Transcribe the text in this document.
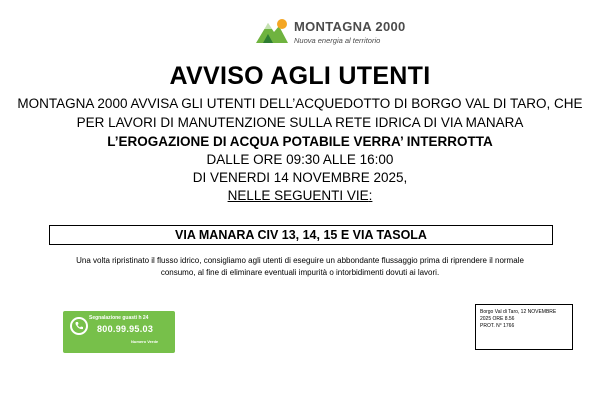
MONTAGNA 2000
Nuova energia al territorio
AVVISO AGLI UTENTI
MONTAGNA 2000 AVVISA GLI UTENTI DELL’ACQUEDOTTO DI BORGO VAL DI TARO, CHE
PER LAVORI DI MANUTENZIONE SULLA RETE IDRICA DI VIA MANARA
L’EROGAZIONE DI ACQUA POTABILE VERRA’ INTERROTTA
DALLE ORE 09:30 ALLE 16:00
DI VENERDI 14 NOVEMBRE 2025,
NELLE SEGUENTI VIE:
VIA MANARA CIV 13, 14, 15 E VIA TASOLA
Una volta ripristinato il flusso idrico, consigliamo agli utenti di eseguire un abbondante flussaggio prima di riprendere il normale
consumo, al fine di eliminare eventuali impurità o intorbidimenti dovuti ai lavori.
Segnalazione guasti h 24
800.99.95.03
Numero Verde
Borgo Val di Taro, 12 NOVEMBRE
2025 ORE 8.56
PROT. N° 1766
